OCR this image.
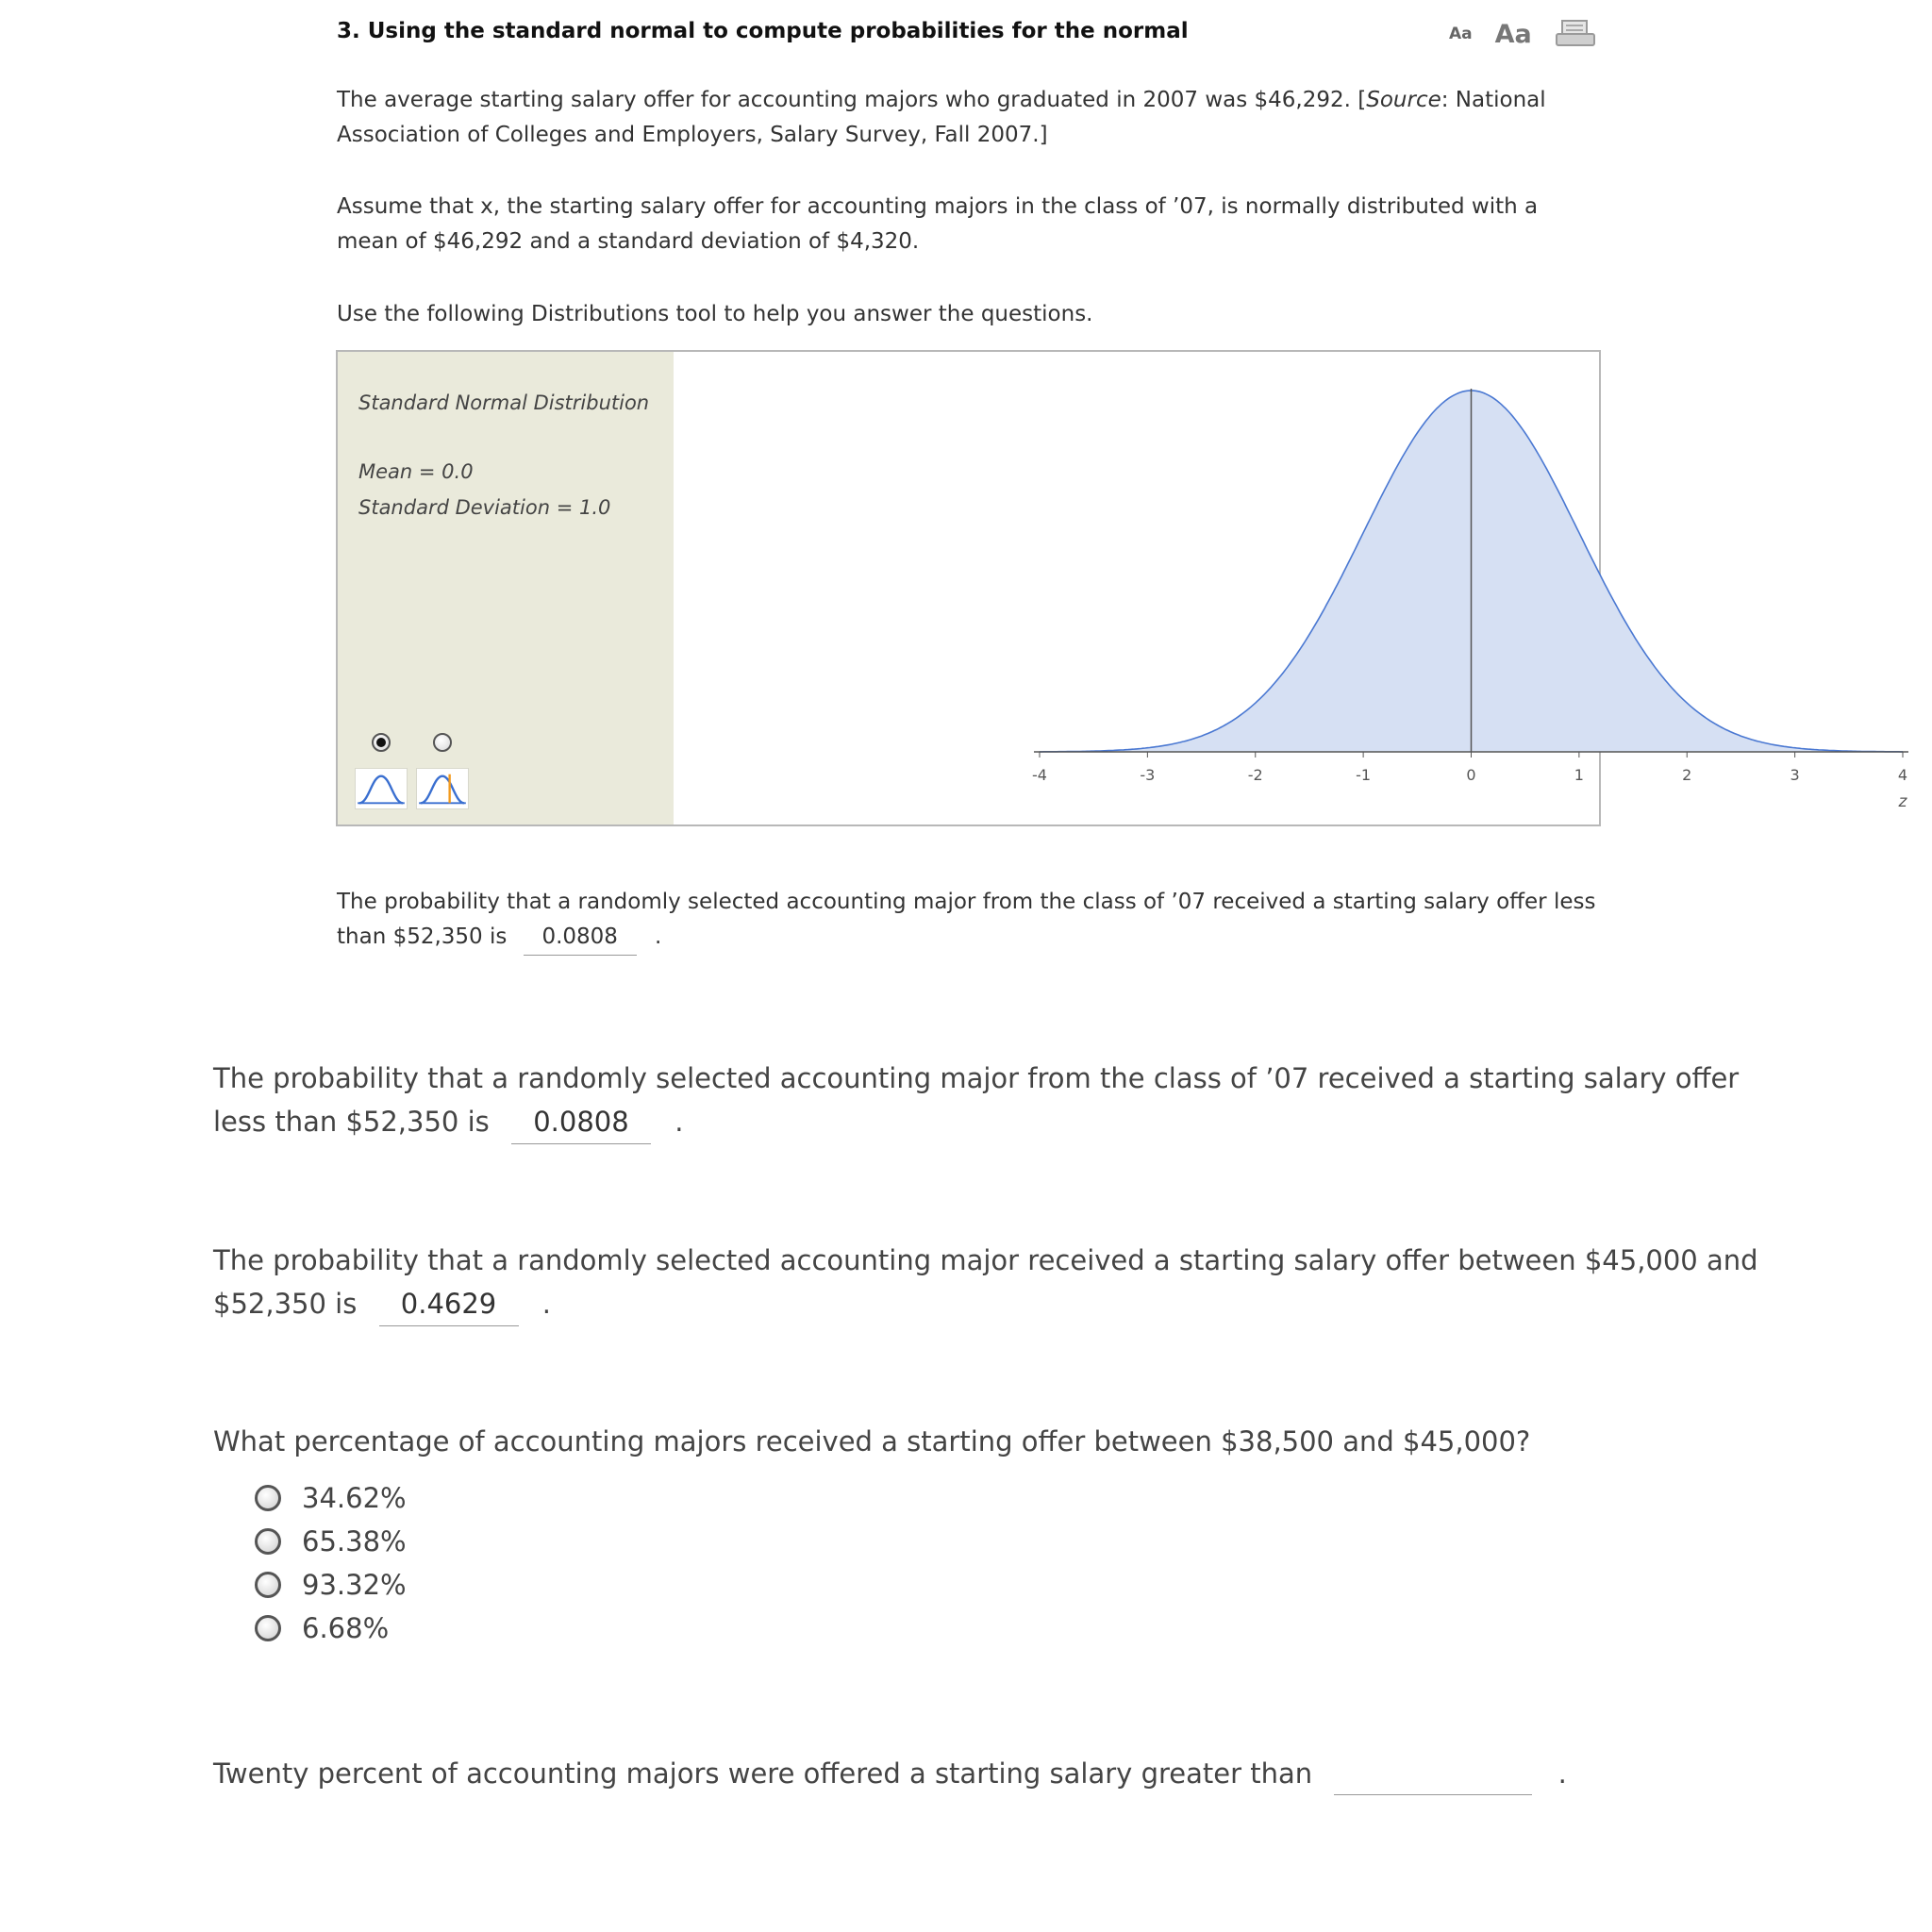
3. Using the standard normal to compute probabilities for the normal	Aa Aa
The average starting salary offer for accounting majors who graduated in 2007 was $46,292. [Source: National Association of Colleges and Employers, Salary Survey, Fall 2007.]
Assume that x, the starting salary offer for accounting majors in the class of ’07, is normally distributed with a mean of $46,292 and a standard deviation of $4,320.
Use the following Distributions tool to help you answer the questions.
Standard Normal Distribution
Mean = 0.0
Standard Deviation = 1.0
-4	-3	-2	-1	0	1	2	3	4
z
The probability that a randomly selected accounting major from the class of ’07 received a starting salary offer less than $52,350 is 0.0808 .
The probability that a randomly selected accounting major from the class of ’07 received a starting salary offer less than $52,350 is 0.0808 .
The probability that a randomly selected accounting major received a starting salary offer between $45,000 and $52,350 is 0.4629 .
What percentage of accounting majors received a starting offer between $38,500 and $45,000?
34.62%
65.38%
93.32%
6.68%
Twenty percent of accounting majors were offered a starting salary greater than	.
